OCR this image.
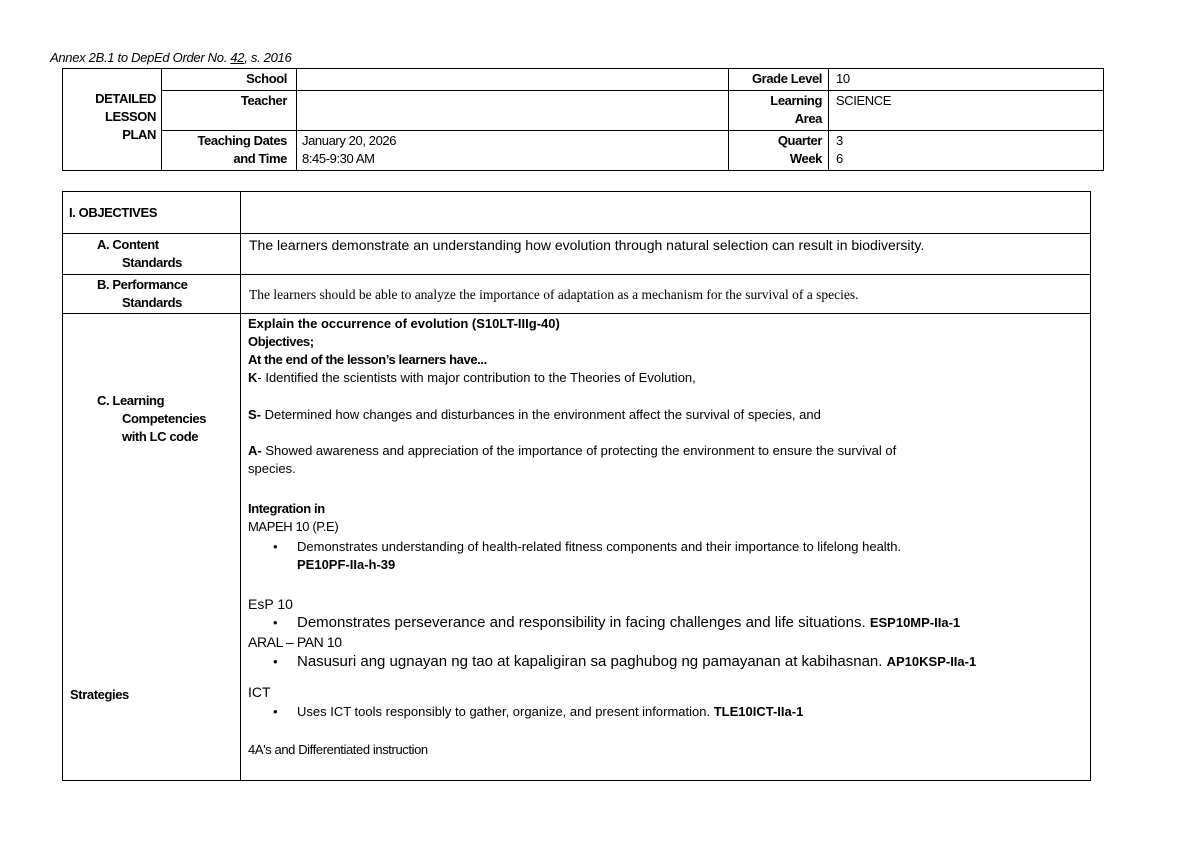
Annex 2B.1 to DepEd Order No. 42, s. 2016
DETAILED
LESSON
PLAN
School
Teacher
Teaching Dates
and Time
January 20, 2026
8:45-9:30 AM
Grade Level 10
Learning
Area
SCIENCE
Quarter
Week
3
6
I. OBJECTIVES
A. Content
Standards
The learners demonstrate an understanding how evolution through natural selection can result in biodiversity.
B. Performance
Standards
The learners should be able to analyze the importance of adaptation as a mechanism for the survival of a species.
C. Learning
Competencies
with LC code
Strategies
Explain the occurrence of evolution (S10LT-IIIg-40)
Objectives;
At the end of the lesson’s learners have...
K- Identified the scientists with major contribution to the Theories of Evolution,
S- Determined how changes and disturbances in the environment affect the survival of species, and
A- Showed awareness and appreciation of the importance of protecting the environment to ensure the survival of
species.
Integration in
MAPEH 10 (P.E)
• Demonstrates understanding of health-related fitness components and their importance to lifelong health.
PE10PF-IIa-h-39
EsP 10
• Demonstrates perseverance and responsibility in facing challenges and life situations. ESP10MP-IIa-1
ARAL – PAN 10
• Nasusuri ang ugnayan ng tao at kapaligiran sa paghubog ng pamayanan at kabihasnan. AP10KSP-IIa-1
ICT
• Uses ICT tools responsibly to gather, organize, and present information. TLE10ICT-IIa-1
4A's and Differentiated instruction
